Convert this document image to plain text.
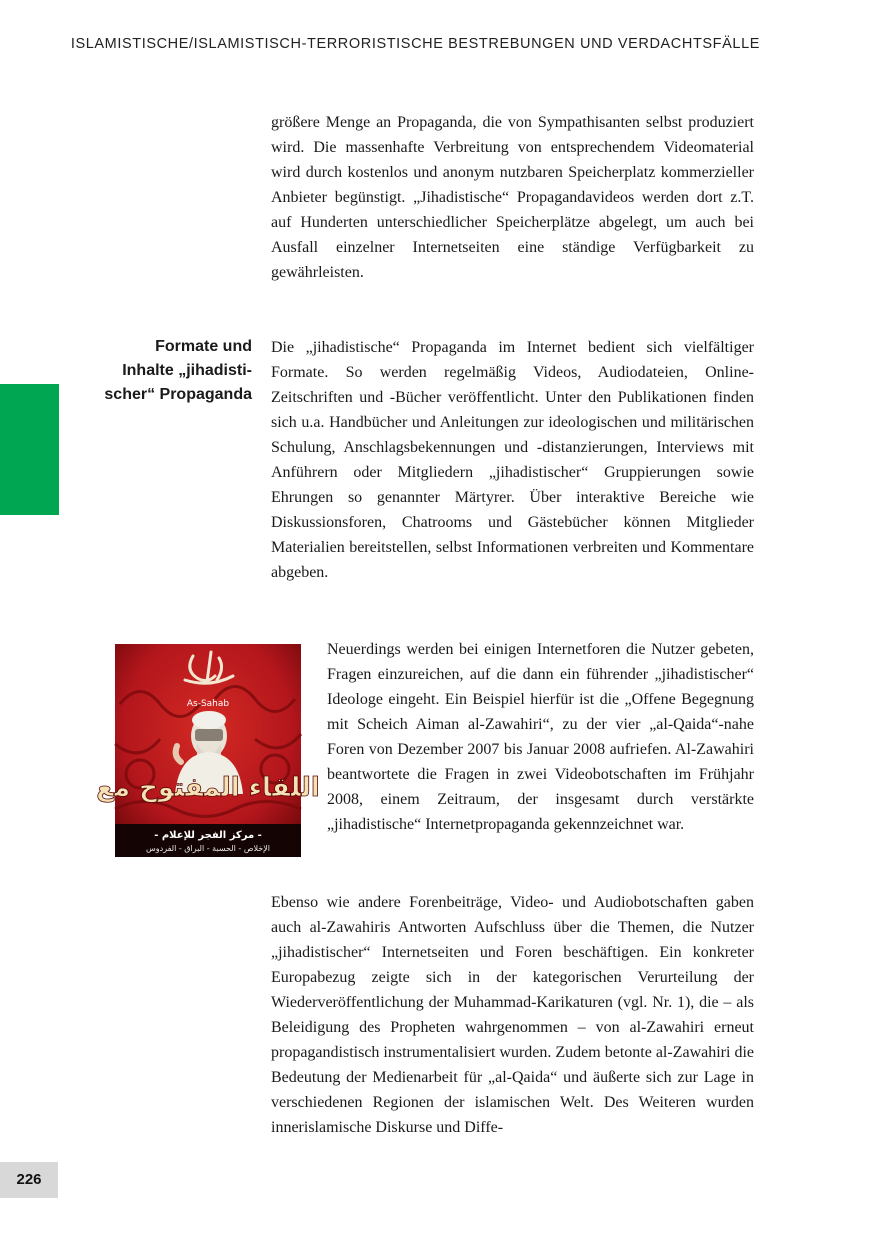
ISLAMISTISCHE/ISLAMISTISCH-TERRORISTISCHE BESTREBUNGEN UND VERDACHTSFÄLLE

größere Menge an Propaganda, die von Sympathisanten selbst produziert wird. Die massenhafte Verbreitung von entsprechendem Videomaterial wird durch kostenlos und anonym nutzbaren Speicherplatz kommerzieller Anbieter begünstigt. „Jihadistische“ Propagandavideos werden dort z.T. auf Hunderten unterschiedlicher Speicherplätze abgelegt, um auch bei Ausfall einzelner Internetseiten eine ständige Verfügbarkeit zu gewährleisten.

Formate und
Inhalte „jihadisti-
scher“ Propaganda

Die „jihadistische“ Propaganda im Internet bedient sich vielfältiger Formate. So werden regelmäßig Videos, Audiodateien, Online-Zeitschriften und -Bücher veröffentlicht. Unter den Publikationen finden sich u.a. Handbücher und Anleitungen zur ideologischen und militärischen Schulung, Anschlagsbekennungen und -distanzierungen, Interviews mit Anführern oder Mitgliedern „jihadistischer“ Gruppierungen sowie Ehrungen so genannter Märtyrer. Über interaktive Bereiche wie Diskussionsforen, Chatrooms und Gästebücher können Mitglieder Materialien bereitstellen, selbst Informationen verbreiten und Kommentare abgeben.

As-Sahab
اللقاء المفتوح مع
- مركز الفجر للإعلام -
الإخلاص - الحسبة - البراق - الفردوس

Neuerdings werden bei einigen Internetforen die Nutzer gebeten, Fragen einzureichen, auf die dann ein führender „jihadistischer“ Ideologe eingeht. Ein Beispiel hierfür ist die „Offene Begegnung mit Scheich Aiman al-Zawahiri“, zu der vier „al-Qaida“-nahe Foren von Dezember 2007 bis Januar 2008 aufriefen. Al-Zawahiri beantwortete die Fragen in zwei Videobotschaften im Frühjahr 2008, einem Zeitraum, der insgesamt durch verstärkte „jihadistische“ Internetpropaganda gekennzeichnet war.

Ebenso wie andere Forenbeiträge, Video- und Audiobotschaften gaben auch al-Zawahiris Antworten Aufschluss über die Themen, die Nutzer „jihadistischer“ Internetseiten und Foren beschäftigen. Ein konkreter Europabezug zeigte sich in der kategorischen Verurteilung der Wiederveröffentlichung der Muhammad-Karikaturen (vgl. Nr. 1), die – als Beleidigung des Propheten wahrgenommen – von al-Zawahiri erneut propagandistisch instrumentalisiert wurden. Zudem betonte al-Zawahiri die Bedeutung der Medienarbeit für „al-Qaida“ und äußerte sich zur Lage in verschiedenen Regionen der islamischen Welt. Des Weiteren wurden innerislamische Diskurse und Diffe-

226
